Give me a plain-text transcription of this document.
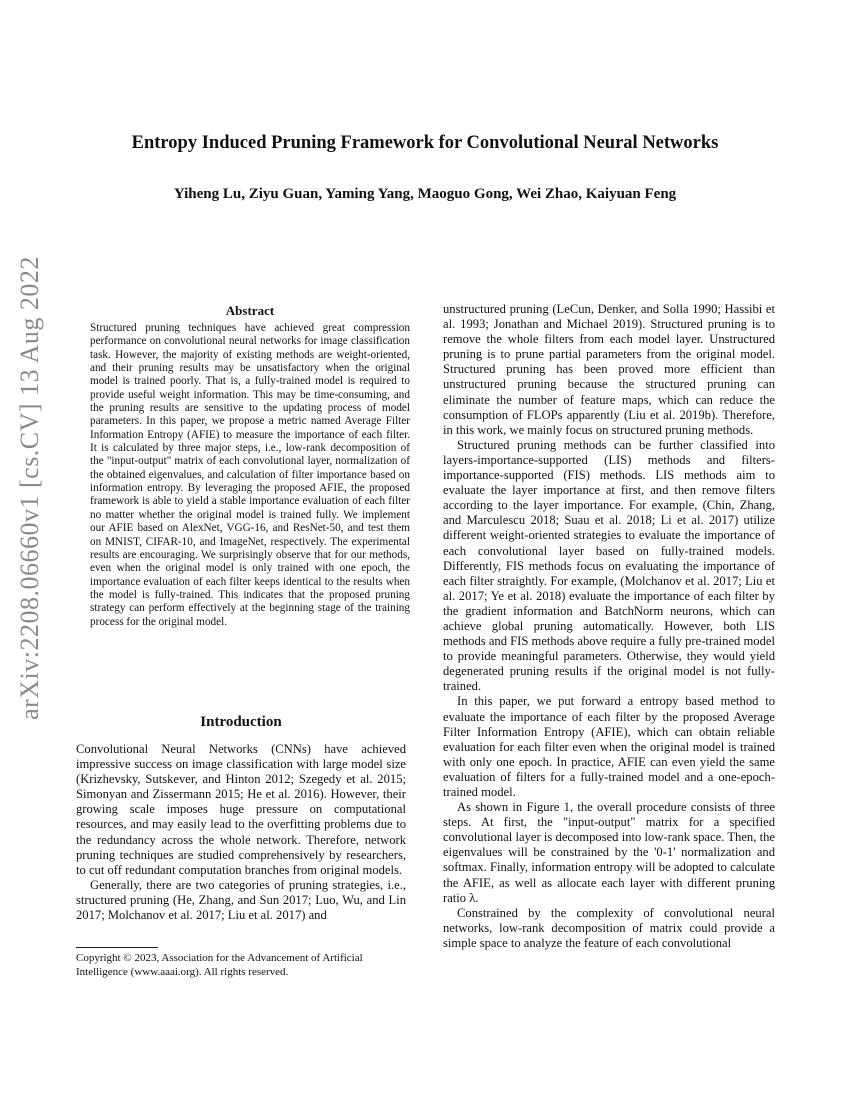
arXiv:2208.06660v1 [cs.CV] 13 Aug 2022
Entropy Induced Pruning Framework for Convolutional Neural Networks
Yiheng Lu, Ziyu Guan, Yaming Yang, Maoguo Gong, Wei Zhao, Kaiyuan Feng
Abstract

Structured pruning techniques have achieved great compression performance on convolutional neural networks for image classification task. However, the majority of existing methods are weight-oriented, and their pruning results may be unsatisfactory when the original model is trained poorly. That is, a fully-trained model is required to provide useful weight information. This may be time-consuming, and the pruning results are sensitive to the updating process of model parameters. In this paper, we propose a metric named Average Filter Information Entropy (AFIE) to measure the importance of each filter. It is calculated by three major steps, i.e., low-rank decomposition of the "input-output" matrix of each convolutional layer, normalization of the obtained eigenvalues, and calculation of filter importance based on information entropy. By leveraging the proposed AFIE, the proposed framework is able to yield a stable importance evaluation of each filter no matter whether the original model is trained fully. We implement our AFIE based on AlexNet, VGG-16, and ResNet-50, and test them on MNIST, CIFAR-10, and ImageNet, respectively. The experimental results are encouraging. We surprisingly observe that for our methods, even when the original model is only trained with one epoch, the importance evaluation of each filter keeps identical to the results when the model is fully-trained. This indicates that the proposed pruning strategy can perform effectively at the beginning stage of the training process for the original model.

Introduction

Convolutional Neural Networks (CNNs) have achieved impressive success on image classification with large model size (Krizhevsky, Sutskever, and Hinton 2012; Szegedy et al. 2015; Simonyan and Zissermann 2015; He et al. 2016). However, their growing scale imposes huge pressure on computational resources, and may easily lead to the overfitting problems due to the redundancy across the whole network. Therefore, network pruning techniques are studied comprehensively by researchers, to cut off redundant computation branches from original models.

Generally, there are two categories of pruning strategies, i.e., structured pruning (He, Zhang, and Sun 2017; Luo, Wu, and Lin 2017; Molchanov et al. 2017; Liu et al. 2017) and

Copyright © 2023, Association for the Advancement of Artificial Intelligence (www.aaai.org). All rights reserved.

unstructured pruning (LeCun, Denker, and Solla 1990; Hassibi et al. 1993; Jonathan and Michael 2019). Structured pruning is to remove the whole filters from each model layer. Unstructured pruning is to prune partial parameters from the original model. Structured pruning has been proved more efficient than unstructured pruning because the structured pruning can eliminate the number of feature maps, which can reduce the consumption of FLOPs apparently (Liu et al. 2019b). Therefore, in this work, we mainly focus on structured pruning methods.

Structured pruning methods can be further classified into layers-importance-supported (LIS) methods and filters-importance-supported (FIS) methods. LIS methods aim to evaluate the layer importance at first, and then remove filters according to the layer importance. For example, (Chin, Zhang, and Marculescu 2018; Suau et al. 2018; Li et al. 2017) utilize different weight-oriented strategies to evaluate the importance of each convolutional layer based on fully-trained models. Differently, FIS methods focus on evaluating the importance of each filter straightly. For example, (Molchanov et al. 2017; Liu et al. 2017; Ye et al. 2018) evaluate the importance of each filter by the gradient information and BatchNorm neurons, which can achieve global pruning automatically. However, both LIS methods and FIS methods above require a fully pre-trained model to provide meaningful parameters. Otherwise, they would yield degenerated pruning results if the original model is not fully-trained.

In this paper, we put forward a entropy based method to evaluate the importance of each filter by the proposed Average Filter Information Entropy (AFIE), which can obtain reliable evaluation for each filter even when the original model is trained with only one epoch. In practice, AFIE can even yield the same evaluation of filters for a fully-trained model and a one-epoch-trained model.

As shown in Figure 1, the overall procedure consists of three steps. At first, the "input-output" matrix for a specified convolutional layer is decomposed into low-rank space. Then, the eigenvalues will be constrained by the '0-1' normalization and softmax. Finally, information entropy will be adopted to calculate the AFIE, as well as allocate each layer with different pruning ratio λ.

Constrained by the complexity of convolutional neural networks, low-rank decomposition of matrix could provide a simple space to analyze the feature of each convolutional
